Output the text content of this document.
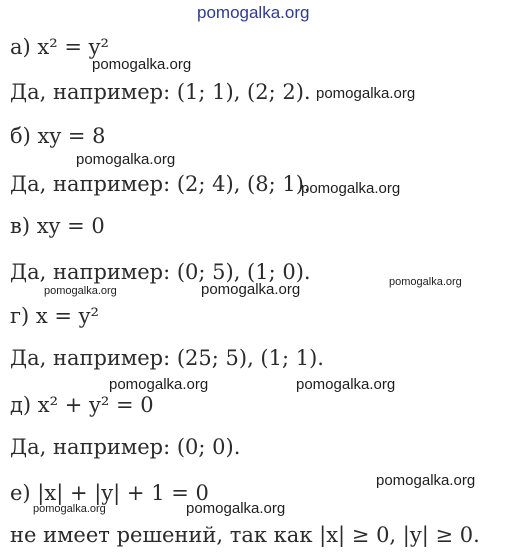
pomogalka.org
а) x² = y²
pomogalka.org
Да, например: (1; 1), (2; 2). pomogalka.org
б) xy = 8
pomogalka.org
Да, например: (2; 4), (8; 1).
pomogalka.org
в) xy = 0
Да, например: (0; 5), (1; 0).
pomogalka.org	pomogalka.org	pomogalka.org
г) x = y²
Да, например: (25; 5), (1; 1).
pomogalka.org	pomogalka.org
д) x² + y² = 0
Да, например: (0; 0).
pomogalka.org
е) |x| + |y| + 1 = 0
pomogalka.org	pomogalka.org
не имеет решений, так как |x| ≥ 0, |y| ≥ 0.
